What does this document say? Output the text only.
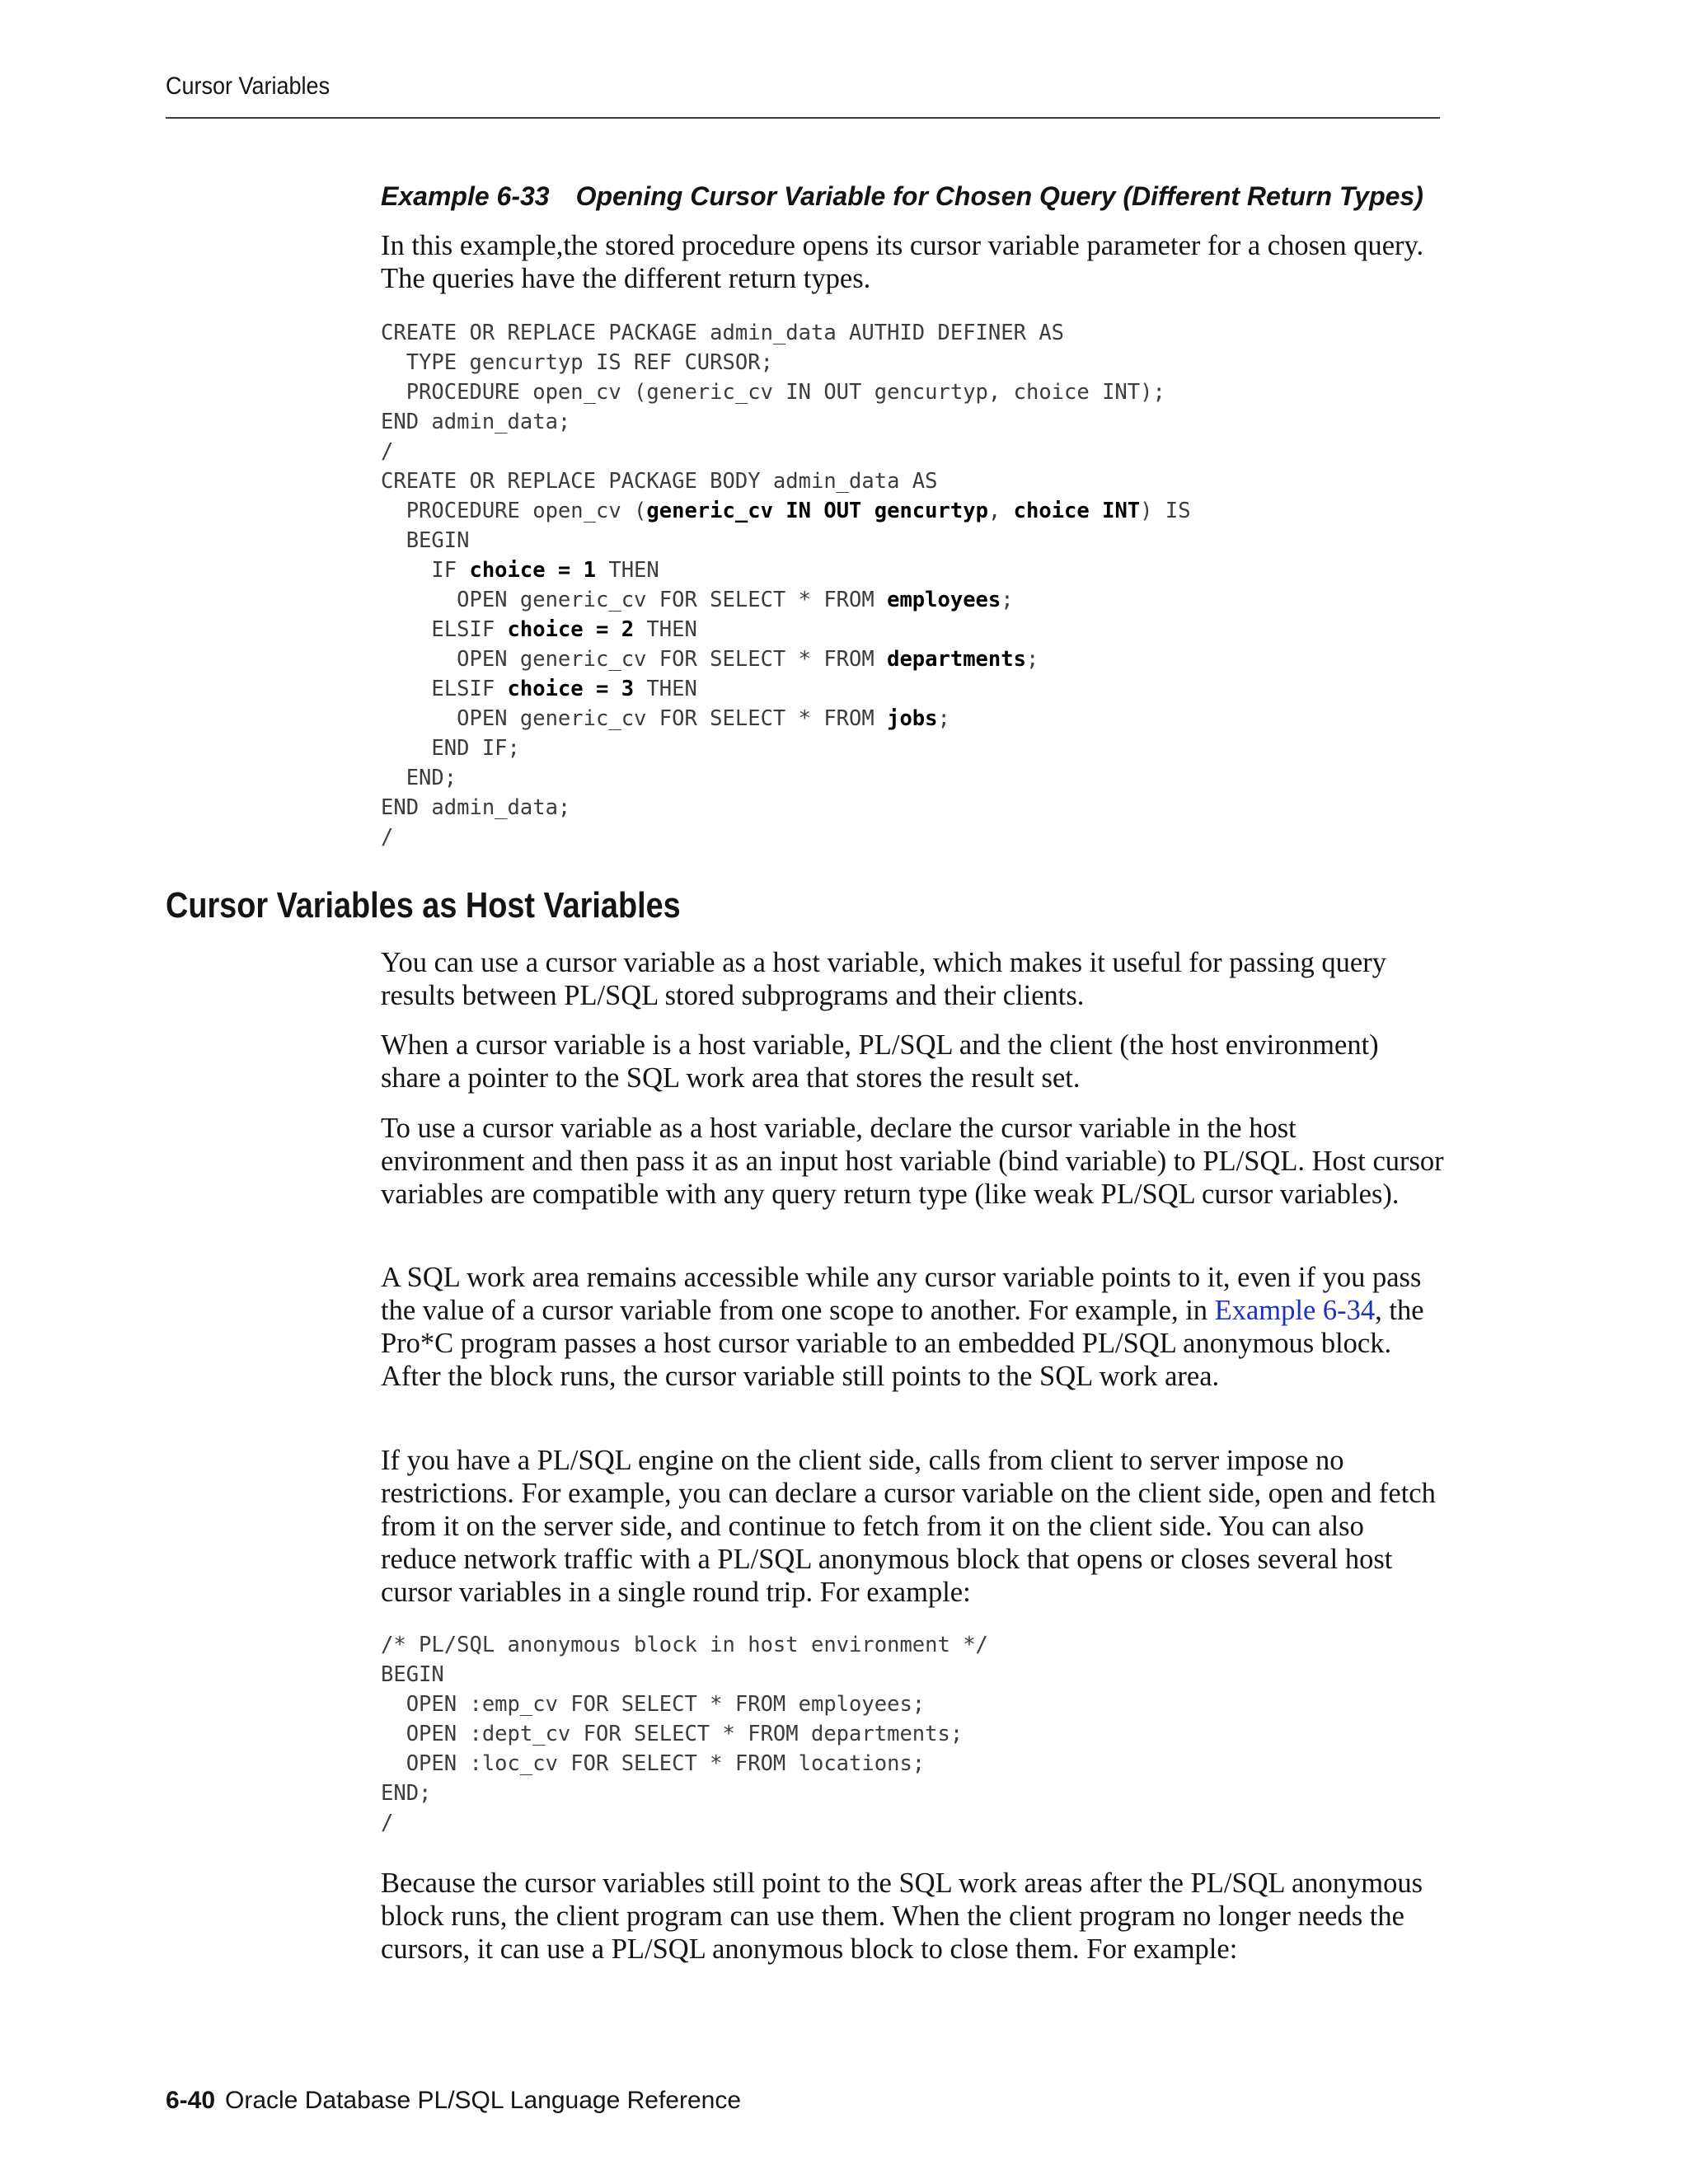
Cursor Variables
Example 6-33 Opening Cursor Variable for Chosen Query (Different Return Types)

In this example,the stored procedure opens its cursor variable parameter for a chosen query. The queries have the different return types.

CREATE OR REPLACE PACKAGE admin_data AUTHID DEFINER AS
TYPE gencurtyp IS REF CURSOR;
PROCEDURE open_cv (generic_cv IN OUT gencurtyp, choice INT);
END admin_data;
/
CREATE OR REPLACE PACKAGE BODY admin_data AS
PROCEDURE open_cv (generic_cv IN OUT gencurtyp, choice INT) IS
BEGIN
IF choice = 1 THEN
OPEN generic_cv FOR SELECT * FROM employees;
ELSIF choice = 2 THEN
OPEN generic_cv FOR SELECT * FROM departments;
ELSIF choice = 3 THEN
OPEN generic_cv FOR SELECT * FROM jobs;
END IF;
END;
END admin_data;
/
Cursor Variables as Host Variables

You can use a cursor variable as a host variable, which makes it useful for passing query results between PL/SQL stored subprograms and their clients.

When a cursor variable is a host variable, PL/SQL and the client (the host environment) share a pointer to the SQL work area that stores the result set.

To use a cursor variable as a host variable, declare the cursor variable in the host environment and then pass it as an input host variable (bind variable) to PL/SQL. Host cursor variables are compatible with any query return type (like weak PL/SQL cursor variables).

A SQL work area remains accessible while any cursor variable points to it, even if you pass the value of a cursor variable from one scope to another. For example, in Example 6-34, the Pro*C program passes a host cursor variable to an embedded PL/SQL anonymous block. After the block runs, the cursor variable still points to the SQL work area.

If you have a PL/SQL engine on the client side, calls from client to server impose no restrictions. For example, you can declare a cursor variable on the client side, open and fetch from it on the server side, and continue to fetch from it on the client side. You can also reduce network traffic with a PL/SQL anonymous block that opens or closes several host cursor variables in a single round trip. For example:

/* PL/SQL anonymous block in host environment */
BEGIN
OPEN :emp_cv FOR SELECT * FROM employees;
OPEN :dept_cv FOR SELECT * FROM departments;
OPEN :loc_cv FOR SELECT * FROM locations;
END;
/

Because the cursor variables still point to the SQL work areas after the PL/SQL anonymous block runs, the client program can use them. When the client program no longer needs the cursors, it can use a PL/SQL anonymous block to close them. For example:

6-40 Oracle Database PL/SQL Language Reference
